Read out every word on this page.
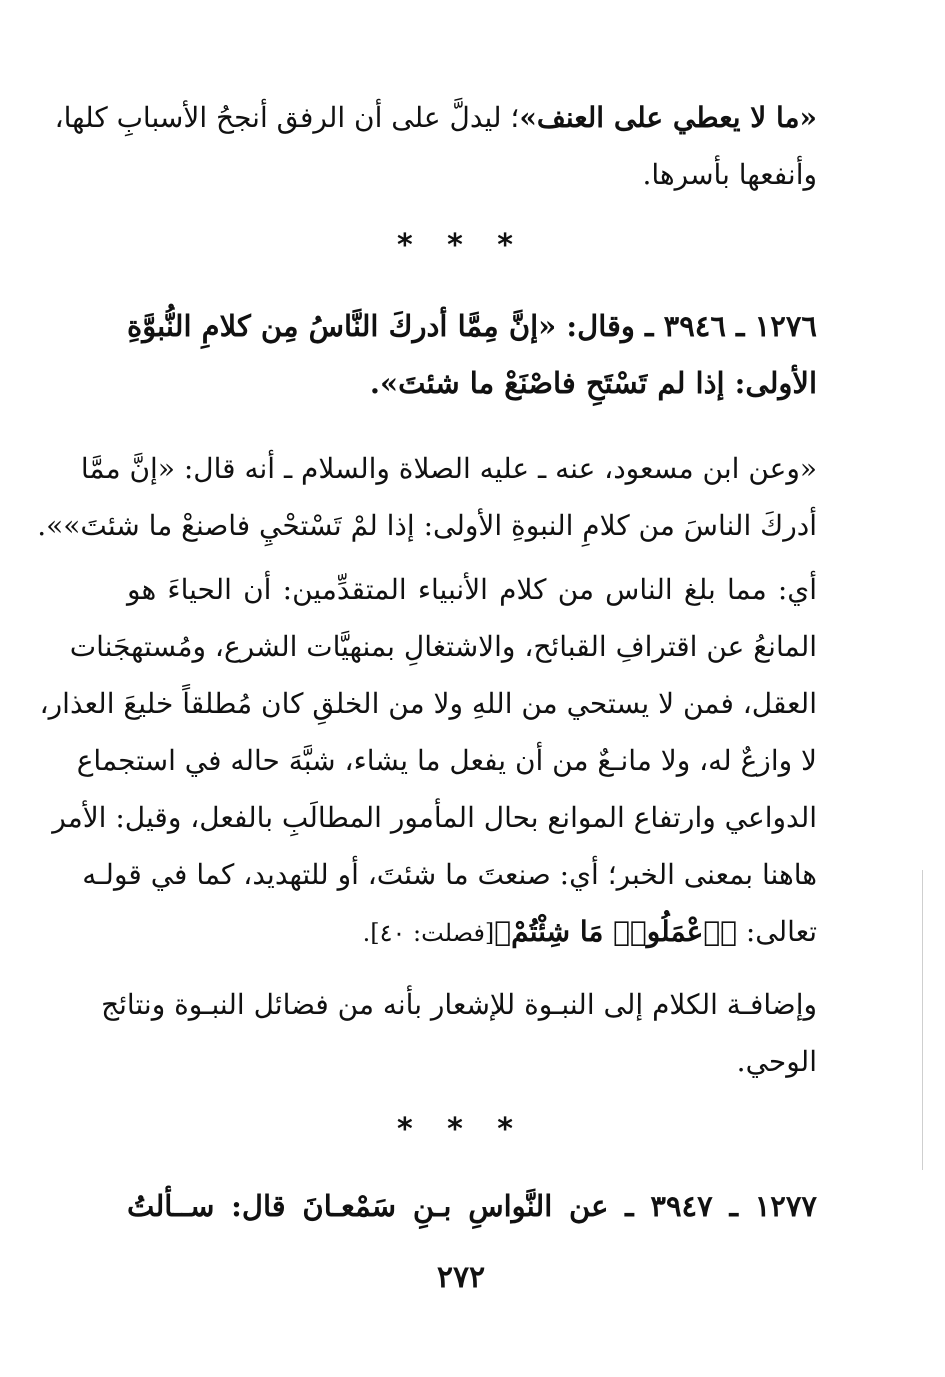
«ما لا يعطي على العنف»؛ ليدلَّ على أن الرفق أنجحُ الأسبابِ كلها،
وأنفعها بأسرها.
* * *
١٢٧٦ ـ ٣٩٤٦ ـ وقال: «إنَّ مِمَّا أدركَ النَّاسُ مِن كلامِ النُّبوَّةِ
الأولى: إذا لم تَسْتَحِ فاصْنَعْ ما شئتَ».
«وعن ابن مسعود، عنه ـ عليه الصلاة والسلام ـ أنه قال: «إنَّ ممَّا
أدركَ الناسَ من كلامِ النبوةِ الأولى: إذا لمْ تَسْتحْيِ فاصنعْ ما شئتَ»».
أي: مما بلغ الناس من كلام الأنبياء المتقدِّمين: أن الحياءَ هو
المانعُ عن اقترافِ القبائح، والاشتغالِ بمنهيَّات الشرع، ومُستهجَنات
العقل، فمن لا يستحي من اللهِ ولا من الخلقِ كان مُطلقاً خليعَ العذار،
لا وازعٌ له، ولا مانـعٌ من أن يفعل ما يشاء، شبَّهَ حاله في استجماع
الدواعي وارتفاع الموانع بحال المأمور المطالَبِ بالفعل، وقيل: الأمر
هاهنا بمعنى الخبر؛ أي: صنعتَ ما شئتَ، أو للتهديد، كما في قولـه
تعالى: ﴿ٱعْمَلُوا۟ مَا شِئْتُمْ﴾[فصلت: ٤٠].
وإضافـة الكلام إلى النبـوة للإشعار بأنه من فضائل النبـوة ونتائج
الوحي.
* * *
١٢٧٧ ـ ٣٩٤٧ ـ عن النَّواسِ بـنِ سَمْعـانَ قال: ســألتُ
٢٧٢
